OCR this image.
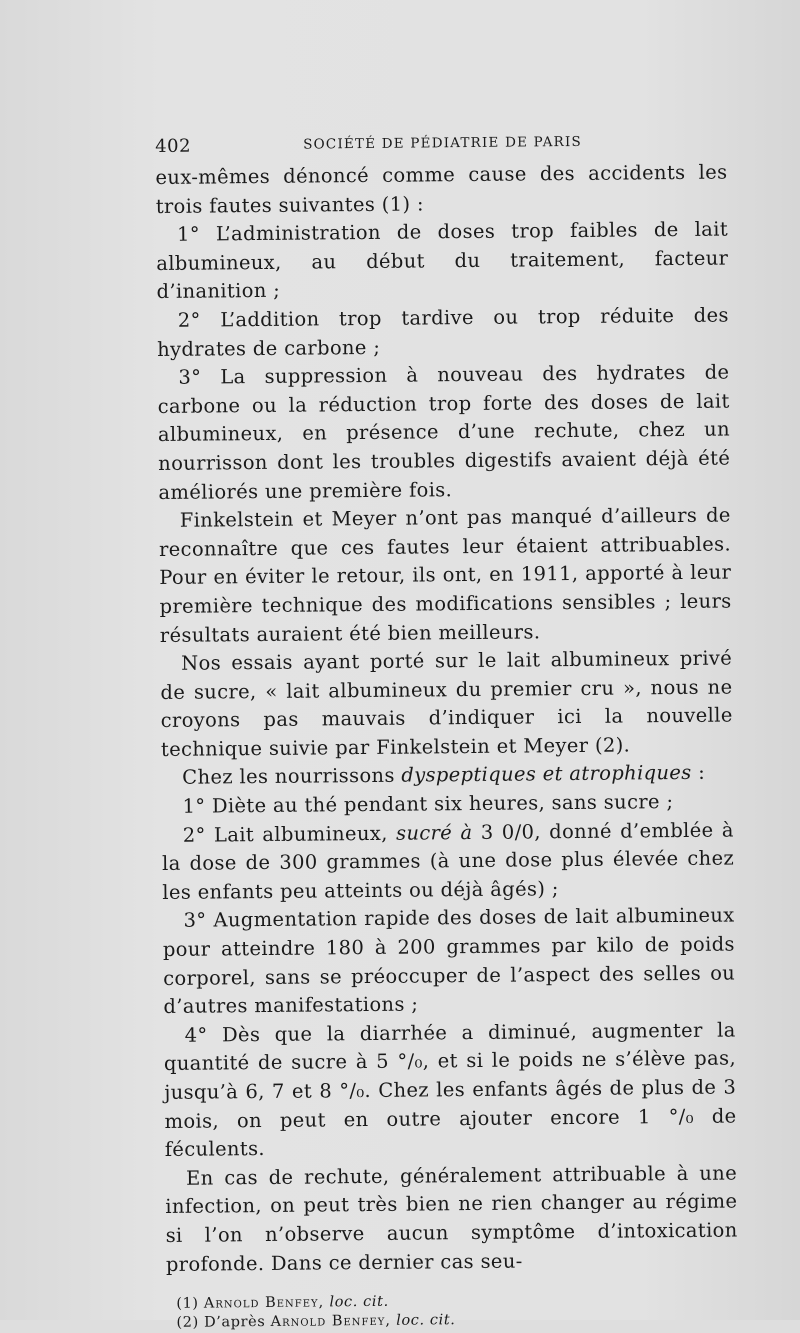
402	SOCIÉTÉ DE PÉDIATRIE DE PARIS

eux-mêmes dénoncé comme cause des accidents les trois fautes suivantes (1) :

1° L’administration de doses trop faibles de lait albumineux, au début du traitement, facteur d’inanition ;

2° L’addition trop tardive ou trop réduite des hydrates de carbone ;

3° La suppression à nouveau des hydrates de carbone ou la réduction trop forte des doses de lait albumineux, en présence d’une rechute, chez un nourrisson dont les troubles digestifs avaient déjà été améliorés une première fois.

Finkelstein et Meyer n’ont pas manqué d’ailleurs de reconnaître que ces fautes leur étaient attribuables. Pour en éviter le retour, ils ont, en 1911, apporté à leur première technique des modifications sensibles ; leurs résultats auraient été bien meilleurs.

Nos essais ayant porté sur le lait albumineux privé de sucre, « lait albumineux du premier cru », nous ne croyons pas mauvais d’indiquer ici la nouvelle technique suivie par Finkelstein et Meyer (2).

Chez les nourrissons dyspeptiques et atrophiques :

1° Diète au thé pendant six heures, sans sucre ;

2° Lait albumineux, sucré à 3 0/0, donné d’emblée à la dose de 300 grammes (à une dose plus élevée chez les enfants peu atteints ou déjà âgés) ;

3° Augmentation rapide des doses de lait albumineux pour atteindre 180 à 200 grammes par kilo de poids corporel, sans se préoccuper de l’aspect des selles ou d’autres manifestations ;

4° Dès que la diarrhée a diminué, augmenter la quantité de sucre à 5 °/₀, et si le poids ne s’élève pas, jusqu’à 6, 7 et 8 °/₀. Chez les enfants âgés de plus de 3 mois, on peut en outre ajouter encore 1 °/₀ de féculents.

En cas de rechute, généralement attribuable à une infection, on peut très bien ne rien changer au régime si l’on n’observe aucun symptôme d’intoxication profonde. Dans ce dernier cas seu-

(1) Arnold Benfey, loc. cit.

(2) D’après Arnold Benfey, loc. cit.
